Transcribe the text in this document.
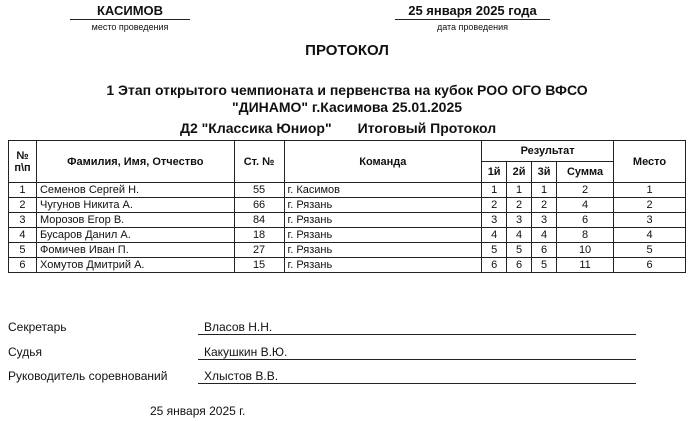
КАСИМОВ
место проведения
25 января 2025 года
дата проведения
ПРОТОКОЛ
1 Этап открытого чемпионата и первенства на кубок РОО ОГО ВФСО
"ДИНАМО" г.Касимова 25.01.2025
Д2 "Классика Юниор" Итоговый Протокол
№ п\п	Фамилия, Имя, Отчество	Ст. №	Команда	Результат				Место
				1й	2й	3й	Сумма	
1	Семенов Сергей Н.	55	г. Касимов	1	1	1	2	1
2	Чугунов Никита А.	66	г. Рязань	2	2	2	4	2
3	Морозов Егор В.	84	г. Рязань	3	3	3	6	3
4	Бусаров Данил А.	18	г. Рязань	4	4	4	8	4
5	Фомичев Иван П.	27	г. Рязань	5	5	6	10	5
6	Хомутов Дмитрий А.	15	г. Рязань	6	6	5	11	6
Секретарь	Власов Н.Н.
Судья	Какушкин В.Ю.
Руководитель соревнований	Хлыстов В.В.
25 января 2025 г.
